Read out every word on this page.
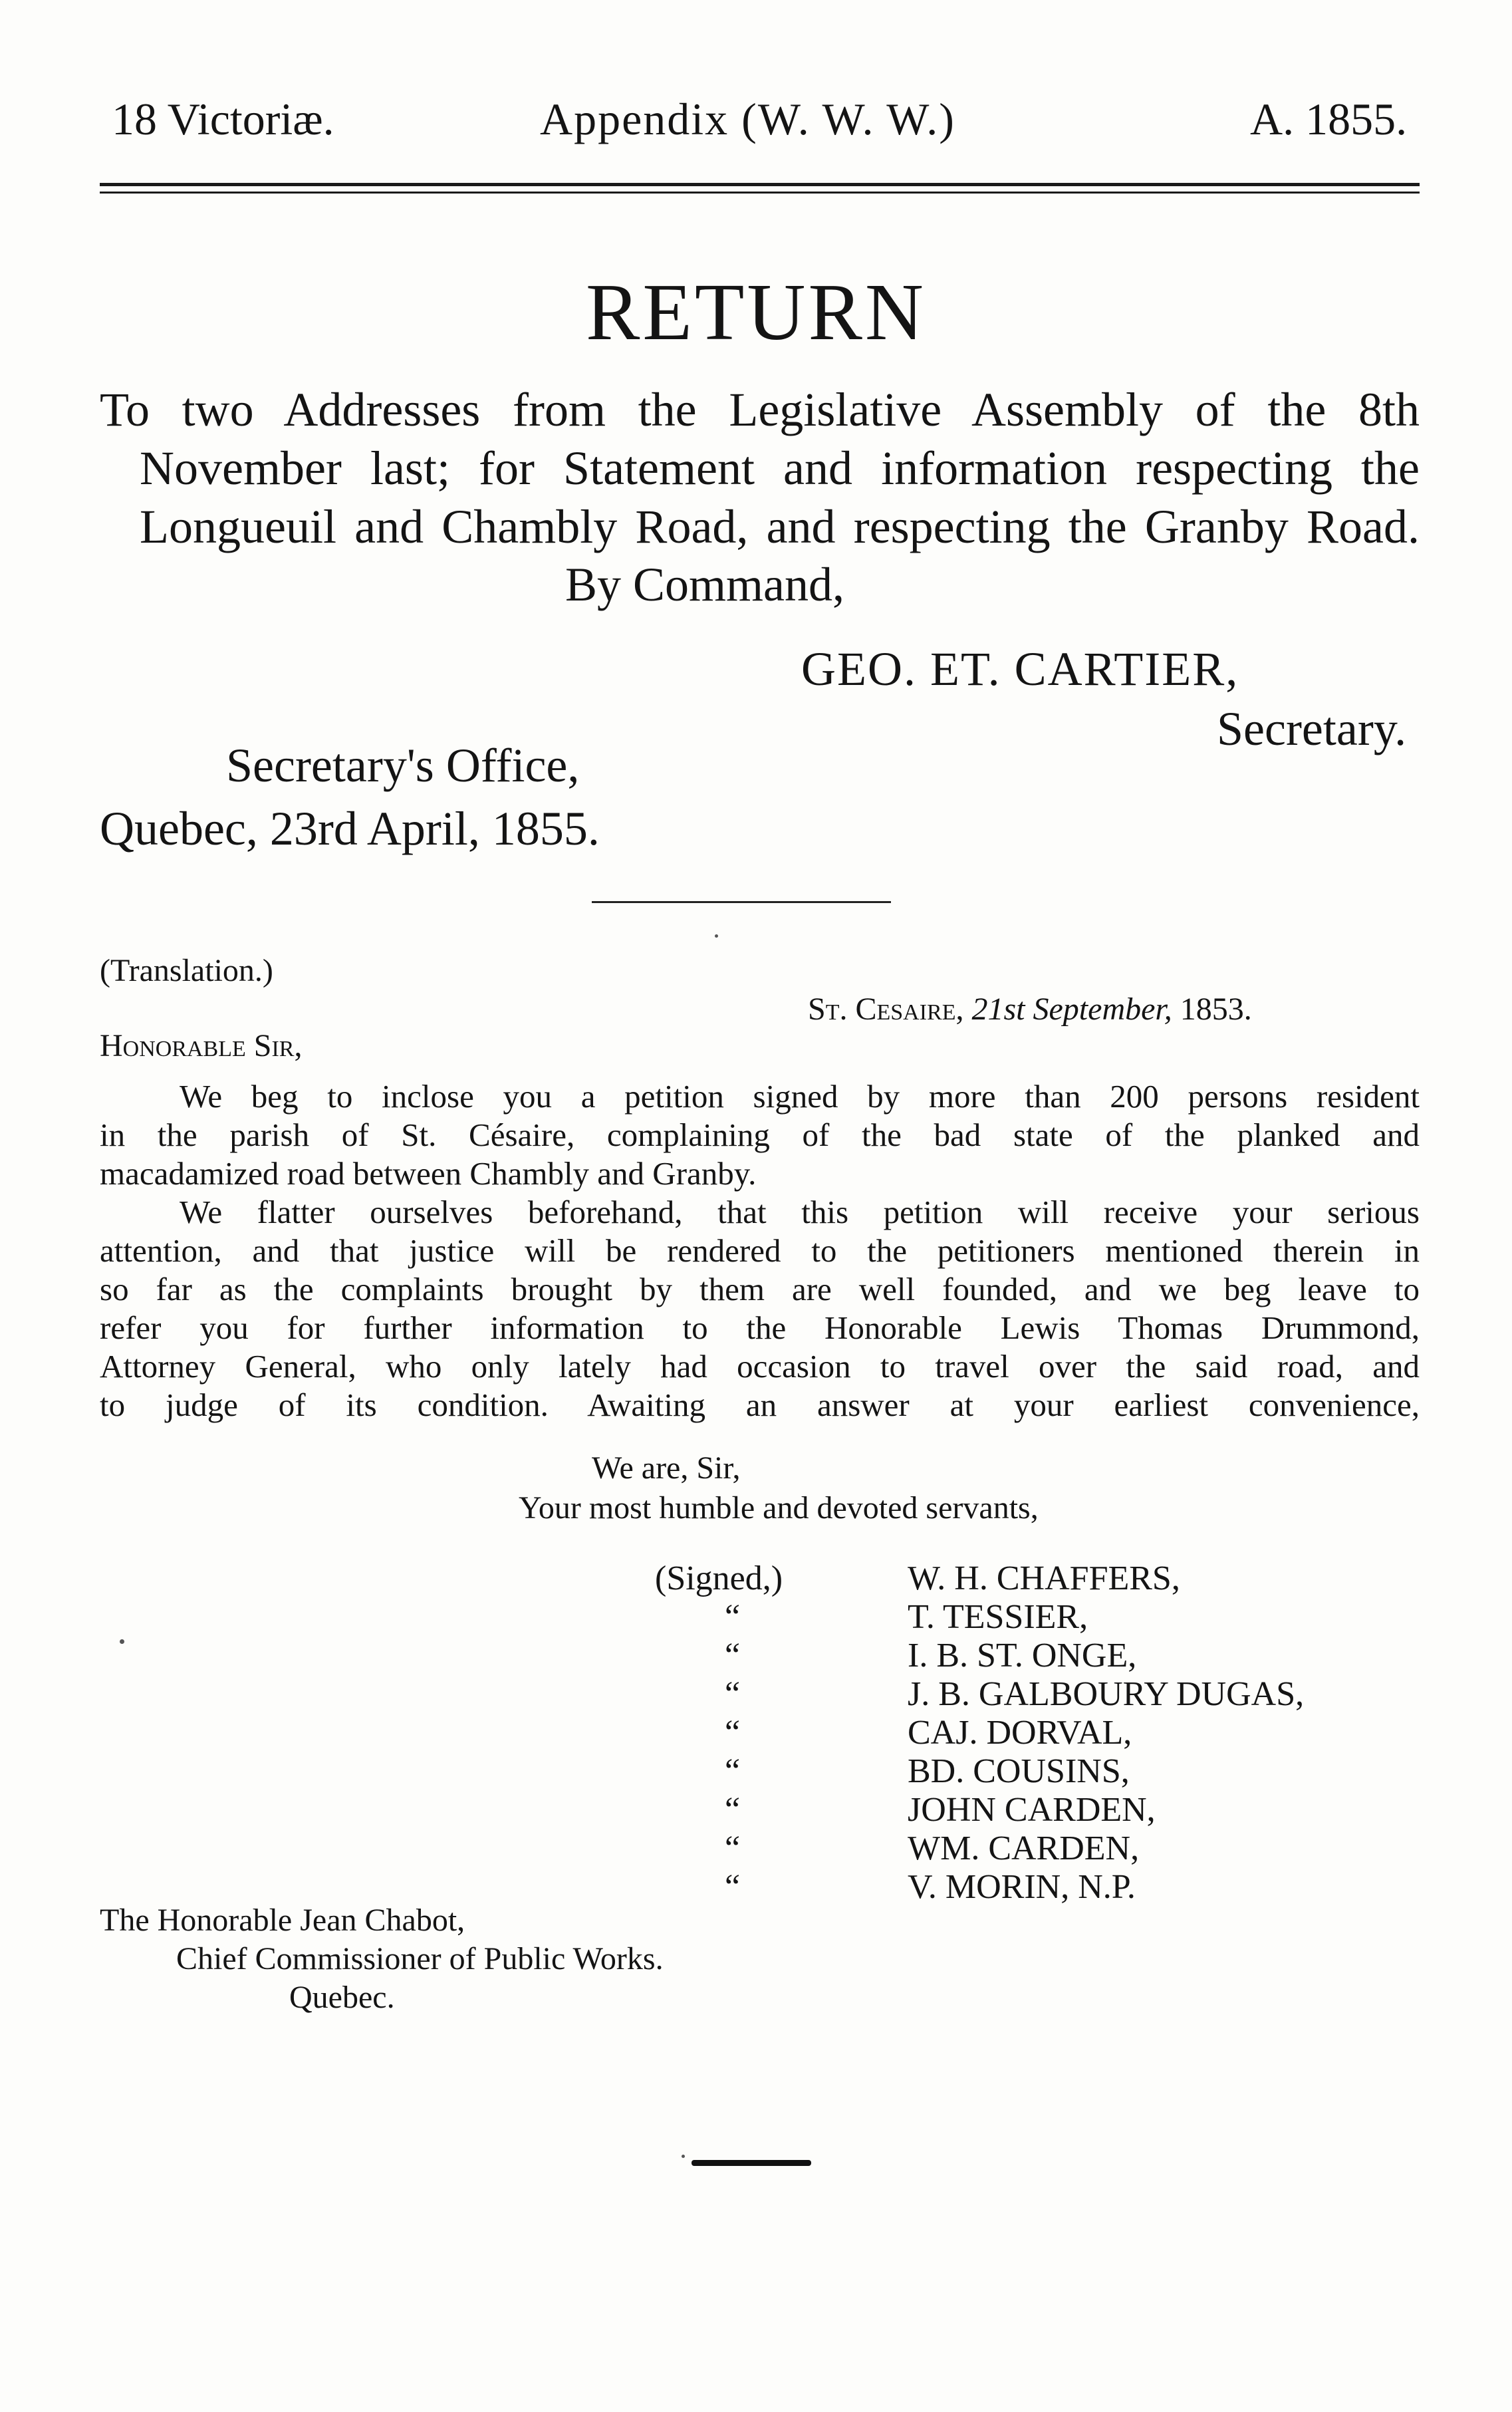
18 Victoriæ.	Appendix (W. W. W.)	A. 1855.
RETURN
To two Addresses from the Legislative Assembly of the 8th
November last; for Statement and information respecting the
Longueuil and Chambly Road, and respecting the Granby Road.
By Command,
GEO. ET. CARTIER,
Secretary.
Secretary's Office,
Quebec, 23rd April, 1855.
(Translation.)
St. Cesaire, 21st September, 1853.
Honorable Sir,
We beg to inclose you a petition signed by more than 200 persons resident
in the parish of St. Césaire, complaining of the bad state of the planked and
macadamized road between Chambly and Granby.
We flatter ourselves beforehand, that this petition will receive your serious
attention, and that justice will be rendered to the petitioners mentioned therein in
so far as the complaints brought by them are well founded, and we beg leave to
refer you for further information to the Honorable Lewis Thomas Drummond,
Attorney General, who only lately had occasion to travel over the said road, and
to judge of its condition. Awaiting an answer at your earliest convenience,
We are, Sir,
Your most humble and devoted servants,
(Signed,)
“
“
“
“
“
“
“
“
W. H. CHAFFERS,
T. TESSIER,
I. B. ST. ONGE,
J. B. GALBOURY DUGAS,
CAJ. DORVAL,
BD. COUSINS,
JOHN CARDEN,
WM. CARDEN,
V. MORIN, N.P.
The Honorable Jean Chabot,
Chief Commissioner of Public Works.
Quebec.
